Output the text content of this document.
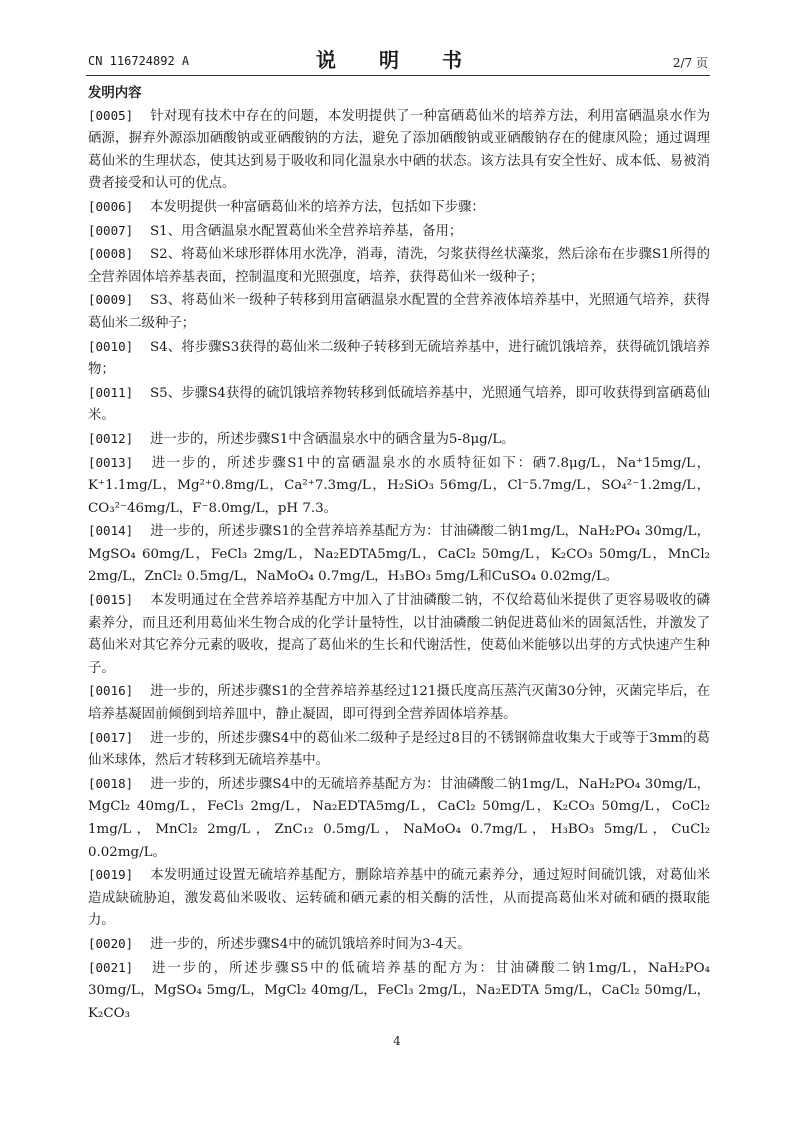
CN 116724892 A	说 明 书	2/7 页

发明内容

[0005] 针对现有技术中存在的问题，本发明提供了一种富硒葛仙米的培养方法，利用富硒温泉水作为硒源，摒弃外源添加硒酸钠或亚硒酸钠的方法，避免了添加硒酸钠或亚硒酸钠存在的健康风险；通过调理葛仙米的生理状态，使其达到易于吸收和同化温泉水中硒的状态。该方法具有安全性好、成本低、易被消费者接受和认可的优点。

[0006] 本发明提供一种富硒葛仙米的培养方法，包括如下步骤：

[0007] S1、用含硒温泉水配置葛仙米全营养培养基，备用；

[0008] S2、将葛仙米球形群体用水洗净，消毒，清洗，匀浆获得丝状藻浆，然后涂布在步骤S1所得的全营养固体培养基表面，控制温度和光照强度，培养，获得葛仙米一级种子；

[0009] S3、将葛仙米一级种子转移到用富硒温泉水配置的全营养液体培养基中，光照通气培养，获得葛仙米二级种子；

[0010] S4、将步骤S3获得的葛仙米二级种子转移到无硫培养基中，进行硫饥饿培养，获得硫饥饿培养物；

[0011] S5、步骤S4获得的硫饥饿培养物转移到低硫培养基中，光照通气培养，即可收获得到富硒葛仙米。

[0012] 进一步的，所述步骤S1中含硒温泉水中的硒含量为5-8μg/L。

[0013] 进一步的，所述步骤S1中的富硒温泉水的水质特征如下：硒7.8μg/L，Na⁺15mg/L，K⁺1.1mg/L，Mg²⁺0.8mg/L，Ca²⁺7.3mg/L，H₂SiO₃ 56mg/L，Cl⁻5.7mg/L，SO₄²⁻1.2mg/L，CO₃²⁻46mg/L，F⁻8.0mg/L，pH 7.3。

[0014] 进一步的，所述步骤S1的全营养培养基配方为：甘油磷酸二钠1mg/L，NaH₂PO₄ 30mg/L，MgSO₄ 60mg/L，FeCl₃ 2mg/L，Na₂EDTA5mg/L，CaCl₂ 50mg/L，K₂CO₃ 50mg/L，MnCl₂ 2mg/L，ZnCl₂ 0.5mg/L，NaMoO₄ 0.7mg/L，H₃BO₃ 5mg/L和CuSO₄ 0.02mg/L。

[0015] 本发明通过在全营养培养基配方中加入了甘油磷酸二钠，不仅给葛仙米提供了更容易吸收的磷素养分，而且还利用葛仙米生物合成的化学计量特性，以甘油磷酸二钠促进葛仙米的固氮活性，并激发了葛仙米对其它养分元素的吸收，提高了葛仙米的生长和代谢活性，使葛仙米能够以出芽的方式快速产生种子。

[0016] 进一步的，所述步骤S1的全营养培养基经过121摄氏度高压蒸汽灭菌30分钟，灭菌完毕后，在培养基凝固前倾倒到培养皿中，静止凝固，即可得到全营养固体培养基。

[0017] 进一步的，所述步骤S4中的葛仙米二级种子是经过8目的不锈钢筛盘收集大于或等于3mm的葛仙米球体，然后才转移到无硫培养基中。

[0018] 进一步的，所述步骤S4中的无硫培养基配方为：甘油磷酸二钠1mg/L，NaH₂PO₄ 30mg/L，MgCl₂ 40mg/L，FeCl₃ 2mg/L，Na₂EDTA5mg/L，CaCl₂ 50mg/L，K₂CO₃ 50mg/L，CoCl₂ 1mg/L，MnCl₂ 2mg/L，ZnC₁₂ 0.5mg/L，NaMoO₄ 0.7mg/L，H₃BO₃ 5mg/L，CuCl₂ 0.02mg/L。

[0019] 本发明通过设置无硫培养基配方，删除培养基中的硫元素养分，通过短时间硫饥饿，对葛仙米造成缺硫胁迫，激发葛仙米吸收、运转硫和硒元素的相关酶的活性，从而提高葛仙米对硫和硒的摄取能力。

[0020] 进一步的，所述步骤S4中的硫饥饿培养时间为3-4天。

[0021] 进一步的，所述步骤S5中的低硫培养基的配方为：甘油磷酸二钠1mg/L，NaH₂PO₄ 30mg/L，MgSO₄ 5mg/L，MgCl₂ 40mg/L，FeCl₃ 2mg/L，Na₂EDTA 5mg/L，CaCl₂ 50mg/L，K₂CO₃

4
